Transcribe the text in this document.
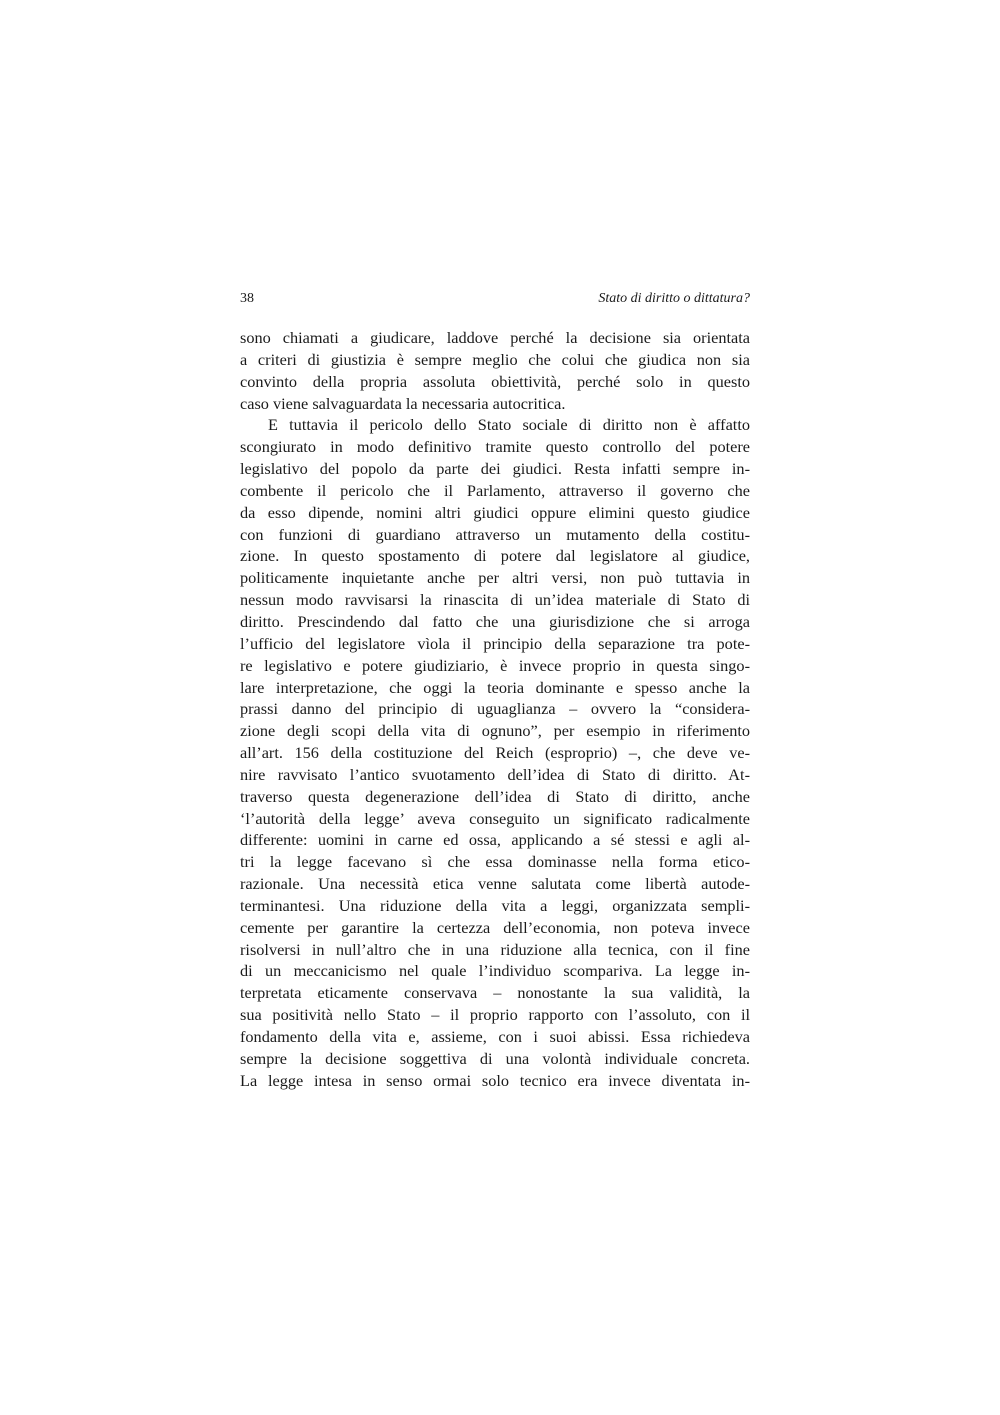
38	Stato di diritto o dittatura?
sono chiamati a giudicare, laddove perché la decisione sia orientata
a criteri di giustizia è sempre meglio che colui che giudica non sia
convinto della propria assoluta obiettività, perché solo in questo
caso viene salvaguardata la necessaria autocritica.
E tuttavia il pericolo dello Stato sociale di diritto non è affatto
scongiurato in modo definitivo tramite questo controllo del potere
legislativo del popolo da parte dei giudici. Resta infatti sempre in-
combente il pericolo che il Parlamento, attraverso il governo che
da esso dipende, nomini altri giudici oppure elimini questo giudice
con funzioni di guardiano attraverso un mutamento della costitu-
zione. In questo spostamento di potere dal legislatore al giudice,
politicamente inquietante anche per altri versi, non può tuttavia in
nessun modo ravvisarsi la rinascita di un’idea materiale di Stato di
diritto. Prescindendo dal fatto che una giurisdizione che si arroga
l’ufficio del legislatore vìola il principio della separazione tra pote-
re legislativo e potere giudiziario, è invece proprio in questa singo-
lare interpretazione, che oggi la teoria dominante e spesso anche la
prassi danno del principio di uguaglianza – ovvero la “considera-
zione degli scopi della vita di ognuno”, per esempio in riferimento
all’art. 156 della costituzione del Reich (esproprio) –, che deve ve-
nire ravvisato l’antico svuotamento dell’idea di Stato di diritto. At-
traverso questa degenerazione dell’idea di Stato di diritto, anche
‘l’autorità della legge’ aveva conseguito un significato radicalmente
differente: uomini in carne ed ossa, applicando a sé stessi e agli al-
tri la legge facevano sì che essa dominasse nella forma etico-
razionale. Una necessità etica venne salutata come libertà autode-
terminantesi. Una riduzione della vita a leggi, organizzata sempli-
cemente per garantire la certezza dell’economia, non poteva invece
risolversi in null’altro che in una riduzione alla tecnica, con il fine
di un meccanicismo nel quale l’individuo scompariva. La legge in-
terpretata eticamente conservava – nonostante la sua validità, la
sua positività nello Stato – il proprio rapporto con l’assoluto, con il
fondamento della vita e, assieme, con i suoi abissi. Essa richiedeva
sempre la decisione soggettiva di una volontà individuale concreta.
La legge intesa in senso ormai solo tecnico era invece diventata in-
